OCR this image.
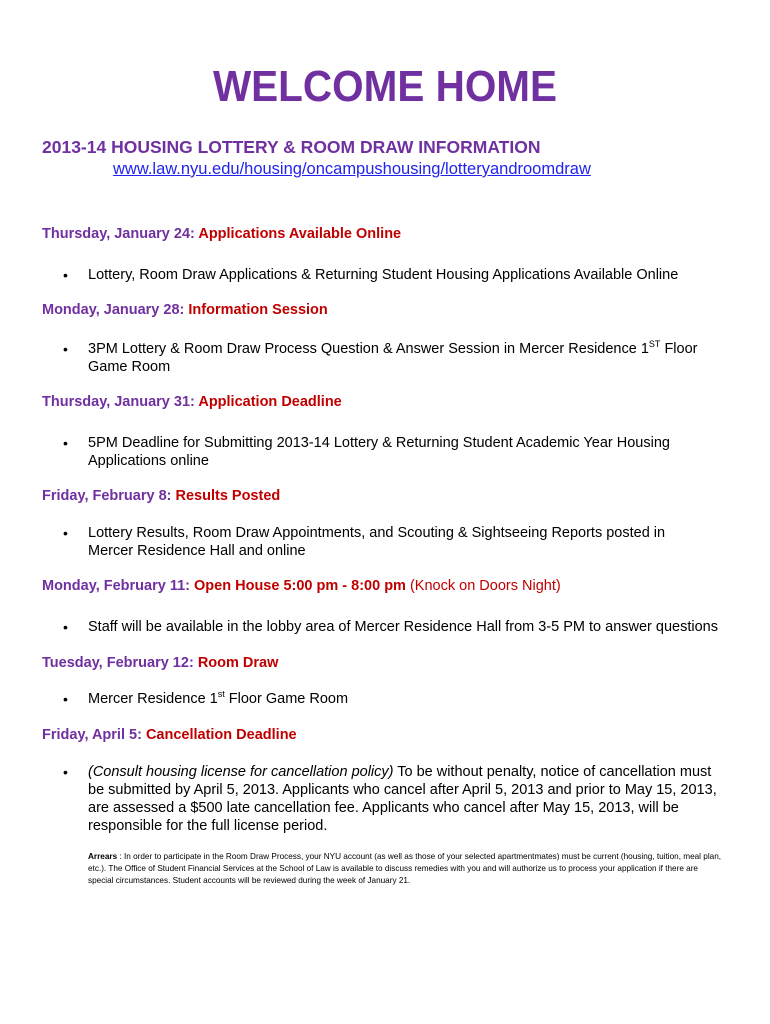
WELCOME HOME
2013-14 HOUSING LOTTERY & ROOM DRAW INFORMATION
www.law.nyu.edu/housing/oncampushousing/lotteryandroomdraw
Thursday, January 24: Applications Available Online
• Lottery, Room Draw Applications & Returning Student Housing Applications Available Online
Monday, January 28: Information Session
• 3PM Lottery & Room Draw Process Question & Answer Session in Mercer Residence 1ST Floor Game Room
Thursday, January 31: Application Deadline
• 5PM Deadline for Submitting 2013-14 Lottery & Returning Student Academic Year Housing Applications online
Friday, February 8: Results Posted
• Lottery Results, Room Draw Appointments, and Scouting & Sightseeing Reports posted in Mercer Residence Hall and online
Monday, February 11: Open House 5:00 pm - 8:00 pm (Knock on Doors Night)
• Staff will be available in the lobby area of Mercer Residence Hall from 3-5 PM to answer questions
Tuesday, February 12: Room Draw
• Mercer Residence 1st Floor Game Room
Friday, April 5: Cancellation Deadline
• (Consult housing license for cancellation policy) To be without penalty, notice of cancellation must be submitted by April 5, 2013. Applicants who cancel after April 5, 2013 and prior to May 15, 2013, are assessed a $500 late cancellation fee. Applicants who cancel after May 15, 2013, will be responsible for the full license period.
Arrears : In order to participate in the Room Draw Process, your NYU account (as well as those of your selected apartmentmates) must be current (housing, tuition, meal plan, etc.). The Office of Student Financial Services at the School of Law is available to discuss remedies with you and will authorize us to process your application if there are special circumstances. Student accounts will be reviewed during the week of January 21.
